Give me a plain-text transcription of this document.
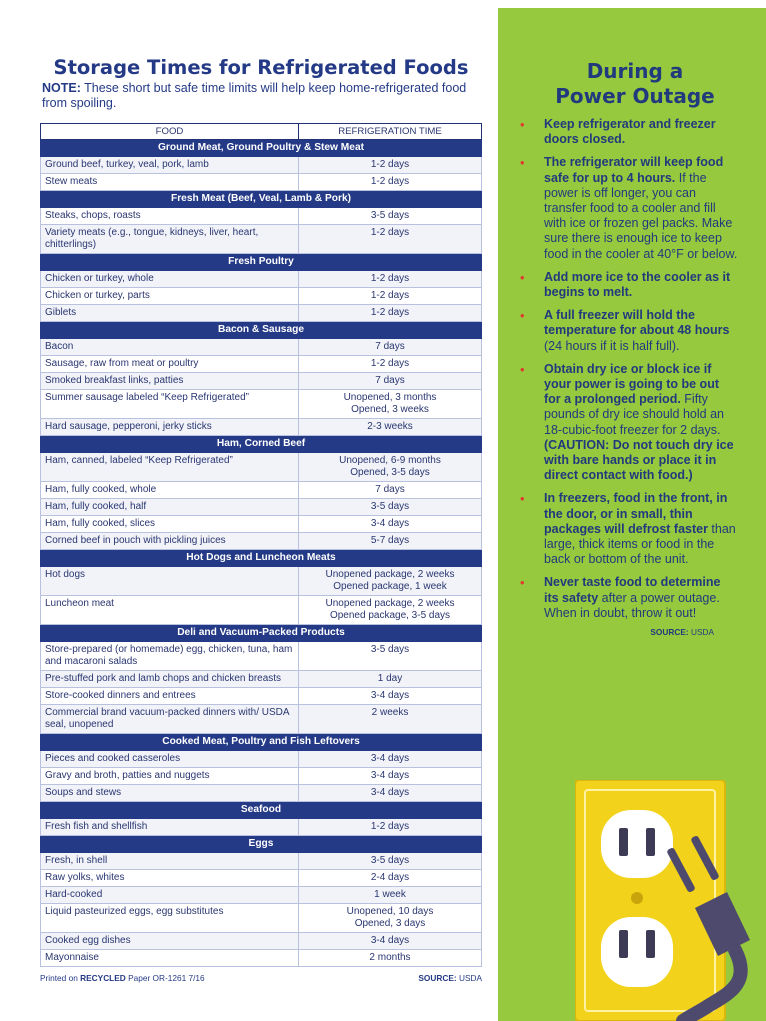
Storage Times for Refrigerated Foods
NOTE: These short but safe time limits will help keep home-refrigerated food from spoiling.
FOOD	REFRIGERATION TIME
Ground Meat, Ground Poultry & Stew Meat	
Ground beef, turkey, veal, pork, lamb	1-2 days
Stew meats	1-2 days
Fresh Meat (Beef, Veal, Lamb & Pork)	
Steaks, chops, roasts	3-5 days
Variety meats (e.g., tongue, kidneys, liver, heart, chitterlings)	1-2 days
Fresh Poultry	
Chicken or turkey, whole	1-2 days
Chicken or turkey, parts	1-2 days
Giblets	1-2 days
Bacon & Sausage	
Bacon	7 days
Sausage, raw from meat or poultry	1-2 days
Smoked breakfast links, patties	7 days
Summer sausage labeled “Keep Refrigerated”	Unopened, 3 months
Opened, 3 weeks
Hard sausage, pepperoni, jerky sticks	2-3 weeks
Ham, Corned Beef	
Ham, canned, labeled “Keep Refrigerated”	Unopened, 6-9 months
Opened, 3-5 days
Ham, fully cooked, whole	7 days
Ham, fully cooked, half	3-5 days
Ham, fully cooked, slices	3-4 days
Corned beef in pouch with pickling juices	5-7 days
Hot Dogs and Luncheon Meats	
Hot dogs	Unopened package, 2 weeks
Opened package, 1 week
Luncheon meat	Unopened package, 2 weeks
Opened package, 3-5 days
Deli and Vacuum-Packed Products	
Store-prepared (or homemade) egg, chicken, tuna, ham and macaroni salads	3-5 days
Pre-stuffed pork and lamb chops and chicken breasts	1 day
Store-cooked dinners and entrees	3-4 days
Commercial brand vacuum-packed dinners with/ USDA seal, unopened	2 weeks
Cooked Meat, Poultry and Fish Leftovers	
Pieces and cooked casseroles	3-4 days
Gravy and broth, patties and nuggets	3-4 days
Soups and stews	3-4 days
Seafood	
Fresh fish and shellfish	1-2 days
Eggs	
Fresh, in shell	3-5 days
Raw yolks, whites	2-4 days
Hard-cooked	1 week
Liquid pasteurized eggs, egg substitutes	Unopened, 10 days
Opened, 3 days
Cooked egg dishes	3-4 days
Mayonnaise	2 months
Printed on RECYCLED Paper OR-1261 7/16	SOURCE: USDA
During a
Power Outage
• Keep refrigerator and freezer doors closed.
• The refrigerator will keep food safe for up to 4 hours. If the power is off longer, you can transfer food to a cooler and fill with ice or frozen gel packs. Make sure there is enough ice to keep food in the cooler at 40°F or below.
• Add more ice to the cooler as it begins to melt.
• A full freezer will hold the temperature for about 48 hours (24 hours if it is half full).
• Obtain dry ice or block ice if your power is going to be out for a prolonged period. Fifty pounds of dry ice should hold an 18-cubic-foot freezer for 2 days. (CAUTION: Do not touch dry ice with bare hands or place it in direct contact with food.)
• In freezers, food in the front, in the door, or in small, thin packages will defrost faster than large, thick items or food in the back or bottom of the unit.
• Never taste food to determine its safety after a power outage. When in doubt, throw it out!
SOURCE: USDA
